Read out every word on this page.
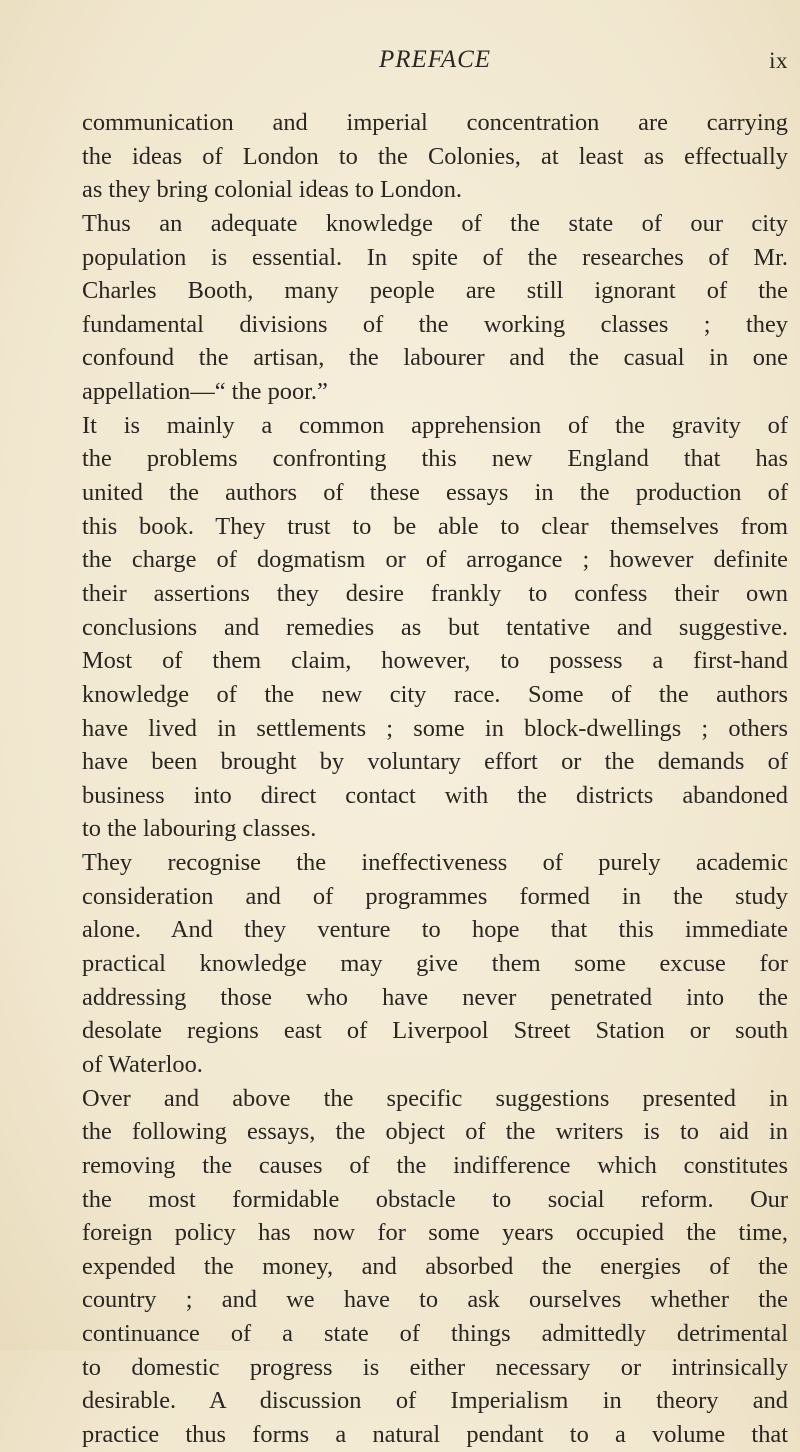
PREFACE	ix
communication and imperial concentration are carrying
the ideas of London to the Colonies, at least as effectually
as they bring colonial ideas to London.
Thus an adequate knowledge of the state of our city
population is essential. In spite of the researches of Mr.
Charles Booth, many people are still ignorant of the
fundamental divisions of the working classes ; they
confound the artisan, the labourer and the casual in one
appellation—“ the poor.”
It is mainly a common apprehension of the gravity of
the problems confronting this new England that has
united the authors of these essays in the production of
this book. They trust to be able to clear themselves from
the charge of dogmatism or of arrogance ; however definite
their assertions they desire frankly to confess their own
conclusions and remedies as but tentative and suggestive.
Most of them claim, however, to possess a first-hand
knowledge of the new city race. Some of the authors
have lived in settlements ; some in block-dwellings ; others
have been brought by voluntary effort or the demands of
business into direct contact with the districts abandoned
to the labouring classes.
They recognise the ineffectiveness of purely academic
consideration and of programmes formed in the study
alone. And they venture to hope that this immediate
practical knowledge may give them some excuse for
addressing those who have never penetrated into the
desolate regions east of Liverpool Street Station or south
of Waterloo.
Over and above the specific suggestions presented in
the following essays, the object of the writers is to aid in
removing the causes of the indifference which constitutes
the most formidable obstacle to social reform. Our
foreign policy has now for some years occupied the time,
expended the money, and absorbed the energies of the
country ; and we have to ask ourselves whether the
continuance of a state of things admittedly detrimental
to domestic progress is either necessary or intrinsically
desirable. A discussion of Imperialism in theory and
practice thus forms a natural pendant to a volume that
